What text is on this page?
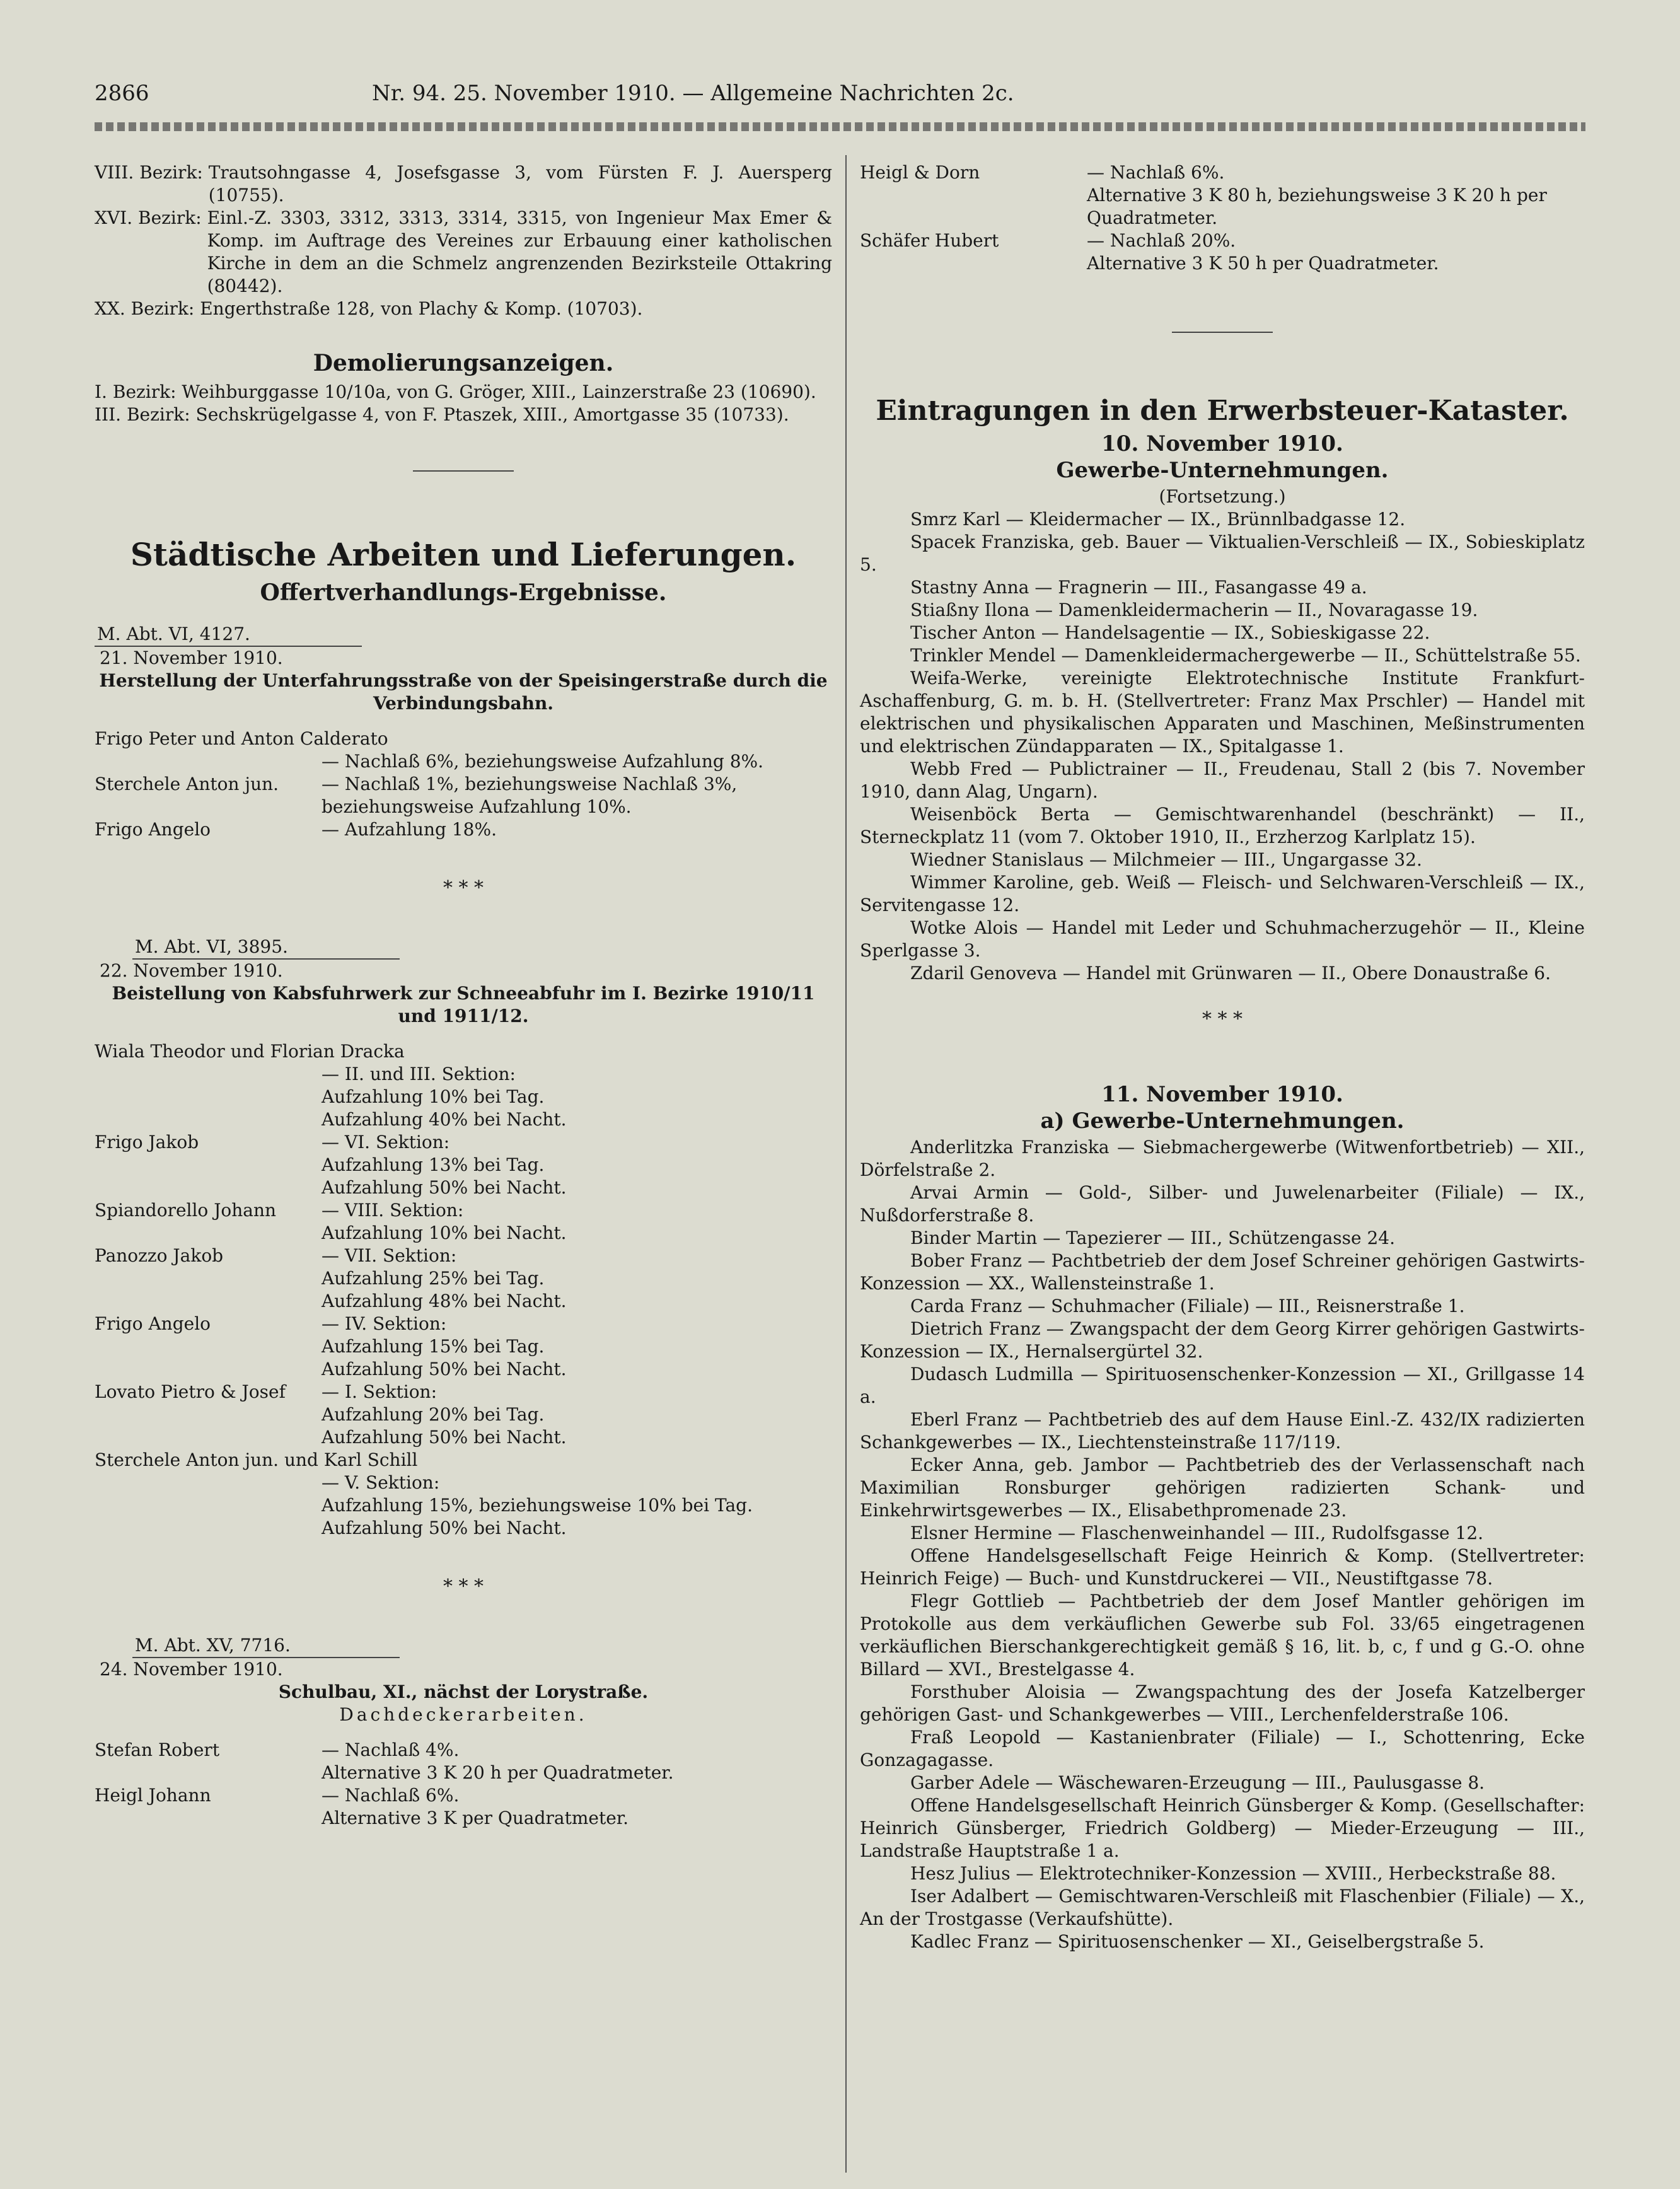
2866	Nr. 94. 25. November 1910. — Allgemeine Nachrichten 2c.
VIII. Bezirk: Trautsohngasse 4, Josefsgasse 3, vom Fürsten F. J. Auersperg (10755).
XVI. Bezirk: Einl.-Z. 3303, 3312, 3313, 3314, 3315, von Ingenieur Max Emer & Komp. im Auftrage des Vereines zur Erbauung einer katholischen Kirche in dem an die Schmelz angrenzenden Bezirksteile Ottakring (80442).
XX. Bezirk: Engerthstraße 128, von Plachy & Komp. (10703).
Demolierungsanzeigen.
I. Bezirk: Weihburggasse 10/10a, von G. Gröger, XIII., Lainzerstraße 23 (10690).
III. Bezirk: Sechskrügelgasse 4, von F. Ptaszek, XIII., Amortgasse 35 (10733).
Städtische Arbeiten und Lieferungen.
Offertverhandlungs-Ergebnisse.
M. Abt. VI, 4127.
21. November 1910.
Herstellung der Unterfahrungsstraße von der Speisingerstraße durch die Verbindungsbahn.
Frigo Peter und Anton Calderato
— Nachlaß 6%, beziehungsweise Aufzahlung 8%.
Sterchele Anton jun.	— Nachlaß 1%, beziehungsweise Nachlaß 3%, beziehungsweise Aufzahlung 10%.
Frigo Angelo	— Aufzahlung 18%.
* * *
M. Abt. VI, 3895.
22. November 1910.
Beistellung von Kabsfuhrwerk zur Schneeabfuhr im I. Bezirke 1910/11 und 1911/12.
Wiala Theodor und Florian Dracka
— II. und III. Sektion:
Aufzahlung 10% bei Tag.
Aufzahlung 40% bei Nacht.
Frigo Jakob	— VI. Sektion:
Aufzahlung 13% bei Tag.
Aufzahlung 50% bei Nacht.
Spiandorello Johann	— VIII. Sektion:
Aufzahlung 10% bei Nacht.
Panozzo Jakob	— VII. Sektion:
Aufzahlung 25% bei Tag.
Aufzahlung 48% bei Nacht.
Frigo Angelo	— IV. Sektion:
Aufzahlung 15% bei Tag.
Aufzahlung 50% bei Nacht.
Lovato Pietro & Josef	— I. Sektion:
Aufzahlung 20% bei Tag.
Aufzahlung 50% bei Nacht.
Sterchele Anton jun. und Karl Schill
— V. Sektion:
Aufzahlung 15%, beziehungsweise 10% bei Tag.
Aufzahlung 50% bei Nacht.
* * *
M. Abt. XV, 7716.
24. November 1910.
Schulbau, XI., nächst der Lorystraße.
Dachdeckerarbeiten.
Stefan Robert	— Nachlaß 4%.
Alternative 3 K 20 h per Quadratmeter.
Heigl Johann	— Nachlaß 6%.
Alternative 3 K per Quadratmeter.
Heigl & Dorn	— Nachlaß 6%.
Alternative 3 K 80 h, beziehungsweise 3 K 20 h per Quadratmeter.
Schäfer Hubert	— Nachlaß 20%.
Alternative 3 K 50 h per Quadratmeter.
Eintragungen in den Erwerbsteuer-Kataster.
10. November 1910.
Gewerbe-Unternehmungen.
(Fortsetzung.)
Smrz Karl — Kleidermacher — IX., Brünnlbadgasse 12.
Spacek Franziska, geb. Bauer — Viktualien-Verschleiß — IX., Sobieskiplatz 5.
Stastny Anna — Fragnerin — III., Fasangasse 49 a.
Stiaßny Ilona — Damenkleidermacherin — II., Novaragasse 19.
Tischer Anton — Handelsagentie — IX., Sobieskigasse 22.
Trinkler Mendel — Damenkleidermachergewerbe — II., Schüttelstraße 55.
Weifa-Werke, vereinigte Elektrotechnische Institute Frankfurt-Aschaffenburg, G. m. b. H. (Stellvertreter: Franz Max Prschler) — Handel mit elektrischen und physikalischen Apparaten und Maschinen, Meßinstrumenten und elektrischen Zündapparaten — IX., Spitalgasse 1.
Webb Fred — Publictrainer — II., Freudenau, Stall 2 (bis 7. November 1910, dann Alag, Ungarn).
Weisenböck Berta — Gemischtwarenhandel (beschränkt) — II., Sterneckplatz 11 (vom 7. Oktober 1910, II., Erzherzog Karlplatz 15).
Wiedner Stanislaus — Milchmeier — III., Ungargasse 32.
Wimmer Karoline, geb. Weiß — Fleisch- und Selchwaren-Verschleiß — IX., Servitengasse 12.
Wotke Alois — Handel mit Leder und Schuhmacherzugehör — II., Kleine Sperlgasse 3.
Zdaril Genoveva — Handel mit Grünwaren — II., Obere Donaustraße 6.
* * *
11. November 1910.
a) Gewerbe-Unternehmungen.
Anderlitzka Franziska — Siebmachergewerbe (Witwenfortbetrieb) — XII., Dörfelstraße 2.
Arvai Armin — Gold-, Silber- und Juwelenarbeiter (Filiale) — IX., Nußdorferstraße 8.
Binder Martin — Tapezierer — III., Schützengasse 24.
Bober Franz — Pachtbetrieb der dem Josef Schreiner gehörigen Gastwirts-Konzession — XX., Wallensteinstraße 1.
Carda Franz — Schuhmacher (Filiale) — III., Reisnerstraße 1.
Dietrich Franz — Zwangspacht der dem Georg Kirrer gehörigen Gastwirts-Konzession — IX., Hernalsergürtel 32.
Dudasch Ludmilla — Spirituosenschenker-Konzession — XI., Grillgasse 14 a.
Eberl Franz — Pachtbetrieb des auf dem Hause Einl.-Z. 432/IX radizierten Schankgewerbes — IX., Liechtensteinstraße 117/119.
Ecker Anna, geb. Jambor — Pachtbetrieb des der Verlassenschaft nach Maximilian Ronsburger gehörigen radizierten Schank- und Einkehrwirtsgewerbes — IX., Elisabethpromenade 23.
Elsner Hermine — Flaschenweinhandel — III., Rudolfsgasse 12.
Offene Handelsgesellschaft Feige Heinrich & Komp. (Stellvertreter: Heinrich Feige) — Buch- und Kunstdruckerei — VII., Neustiftgasse 78.
Flegr Gottlieb — Pachtbetrieb der dem Josef Mantler gehörigen im Protokolle aus dem verkäuflichen Gewerbe sub Fol. 33/65 eingetragenen verkäuflichen Bierschankgerechtigkeit gemäß § 16, lit. b, c, f und g G.-O. ohne Billard — XVI., Brestelgasse 4.
Forsthuber Aloisia — Zwangspachtung des der Josefa Katzelberger gehörigen Gast- und Schankgewerbes — VIII., Lerchenfelderstraße 106.
Fraß Leopold — Kastanienbrater (Filiale) — I., Schottenring, Ecke Gonzagagasse.
Garber Adele — Wäschewaren-Erzeugung — III., Paulusgasse 8.
Offene Handelsgesellschaft Heinrich Günsberger & Komp. (Gesellschafter: Heinrich Günsberger, Friedrich Goldberg) — Mieder-Erzeugung — III., Landstraße Hauptstraße 1 a.
Hesz Julius — Elektrotechniker-Konzession — XVIII., Herbeckstraße 88.
Iser Adalbert — Gemischtwaren-Verschleiß mit Flaschenbier (Filiale) — X., An der Trostgasse (Verkaufshütte).
Kadlec Franz — Spirituosenschenker — XI., Geiselbergstraße 5.
